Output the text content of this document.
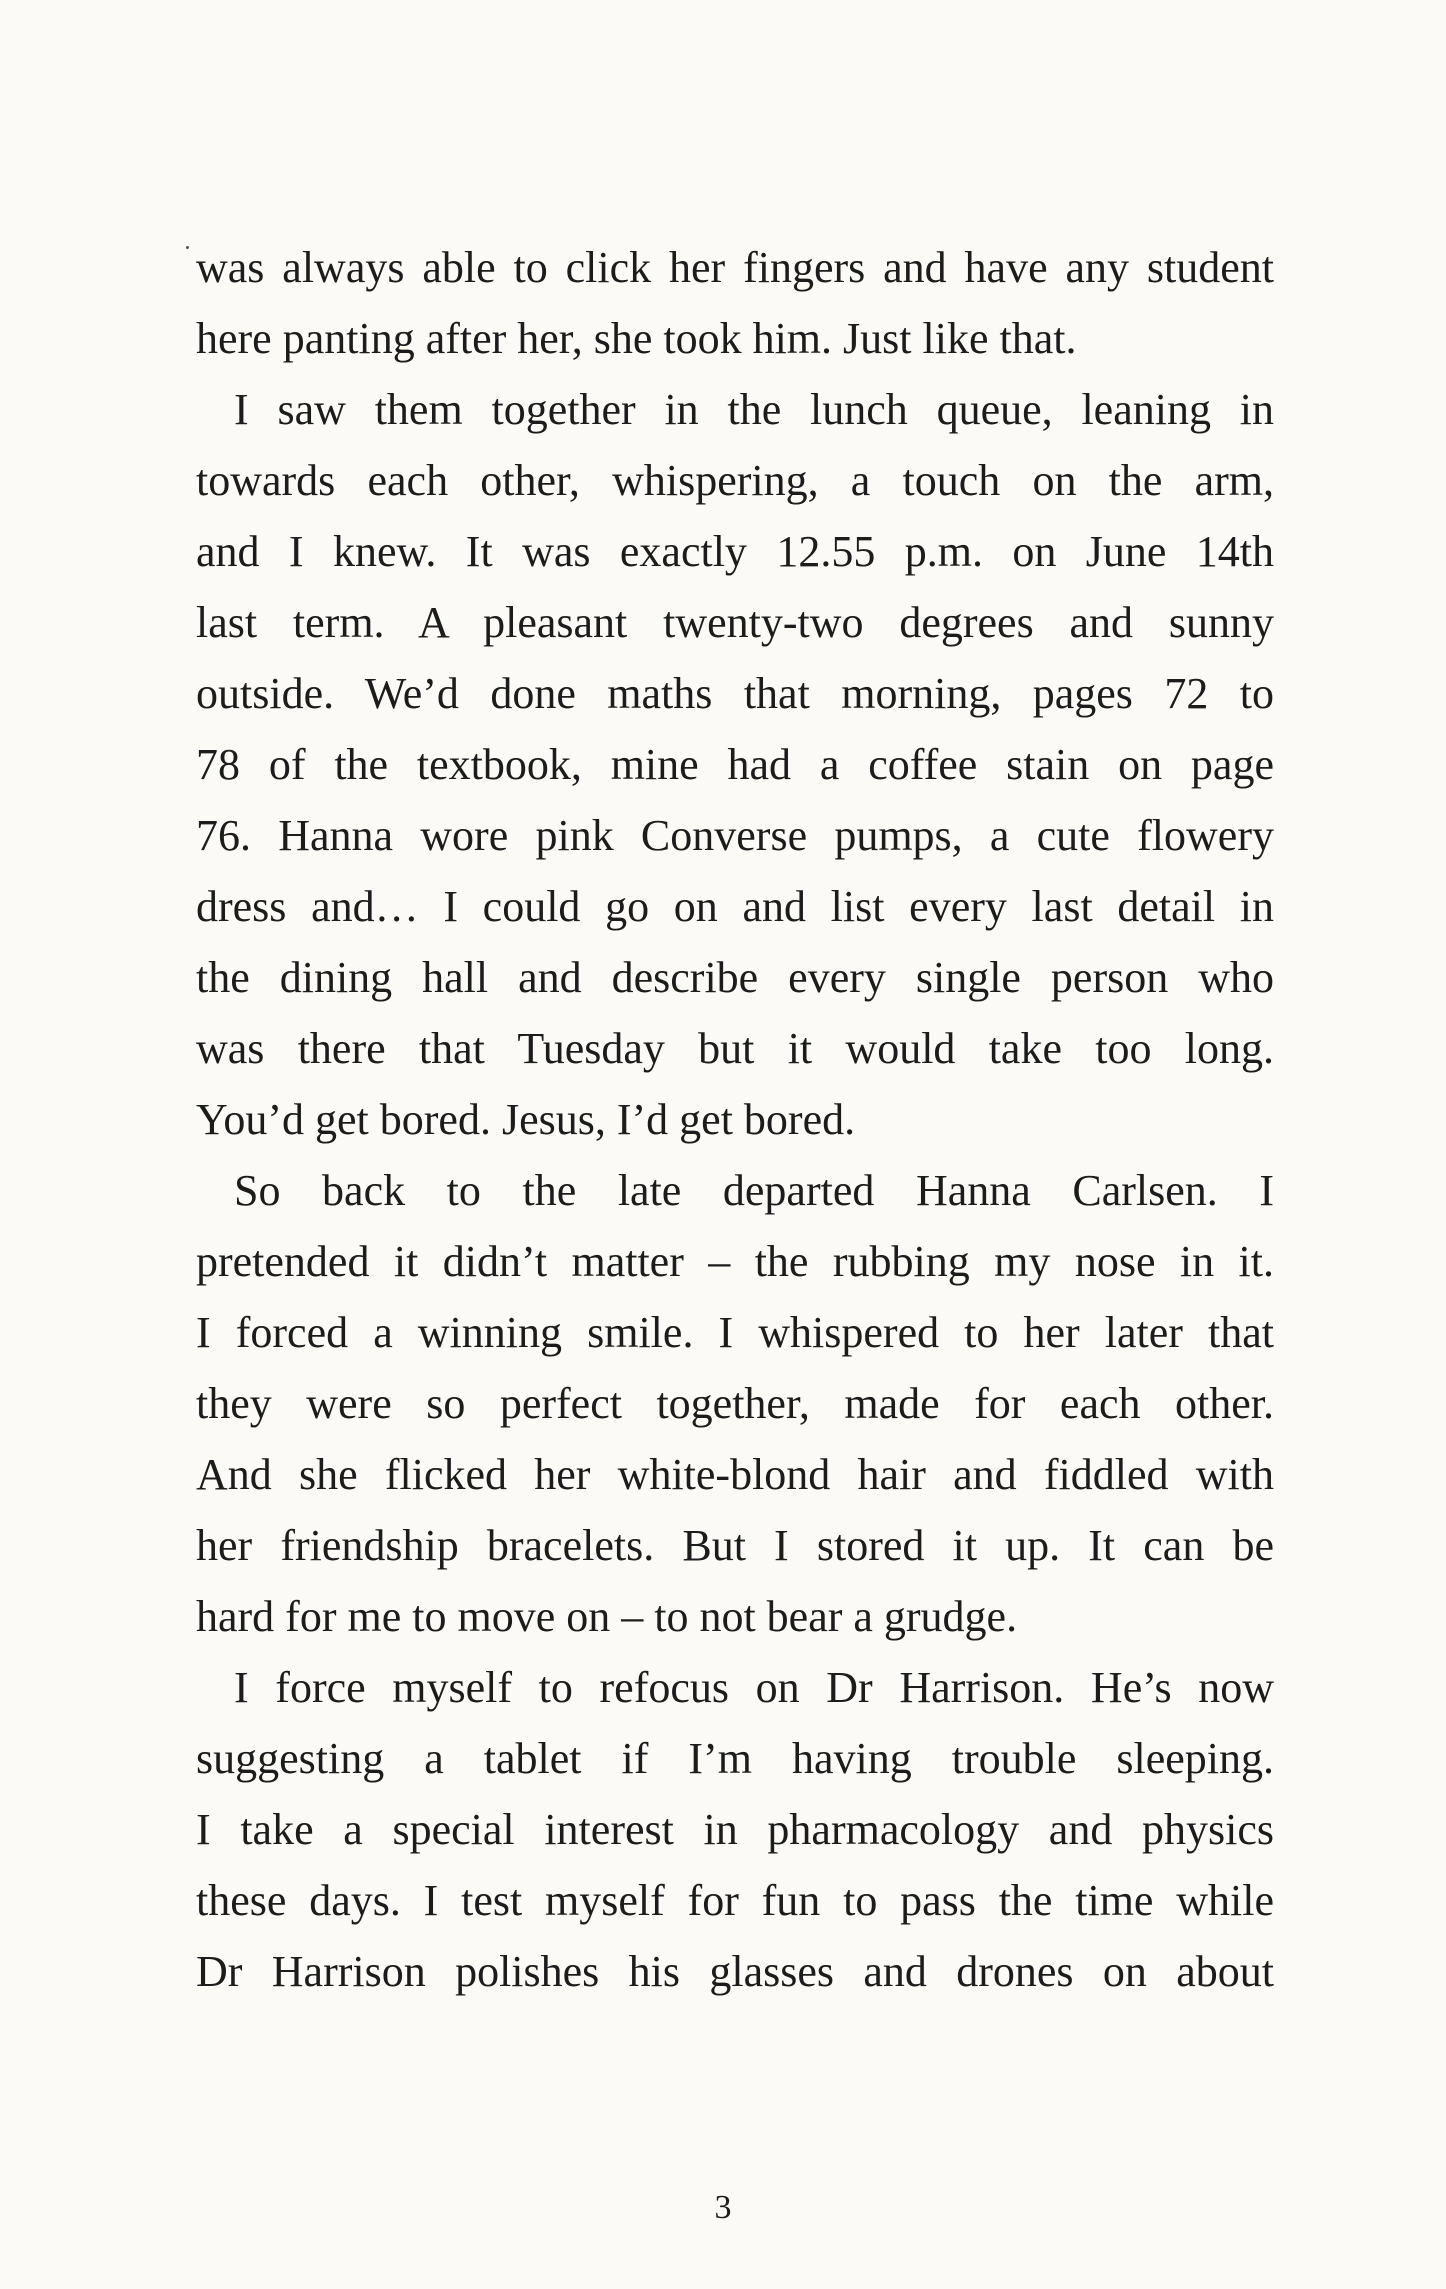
was always able to click her fingers and have any student
here panting after her, she took him. Just like that.
I saw them together in the lunch queue, leaning in
towards each other, whispering, a touch on the arm,
and I knew. It was exactly 12.55 p.m. on June 14th
last term. A pleasant twenty-two degrees and sunny
outside. We’d done maths that morning, pages 72 to
78 of the textbook, mine had a coffee stain on page
76. Hanna wore pink Converse pumps, a cute flowery
dress and… I could go on and list every last detail in
the dining hall and describe every single person who
was there that Tuesday but it would take too long.
You’d get bored. Jesus, I’d get bored.
So back to the late departed Hanna Carlsen. I
pretended it didn’t matter – the rubbing my nose in it.
I forced a winning smile. I whispered to her later that
they were so perfect together, made for each other.
And she flicked her white-blond hair and fiddled with
her friendship bracelets. But I stored it up. It can be
hard for me to move on – to not bear a grudge.
I force myself to refocus on Dr Harrison. He’s now
suggesting a tablet if I’m having trouble sleeping.
I take a special interest in pharmacology and physics
these days. I test myself for fun to pass the time while
Dr Harrison polishes his glasses and drones on about
3
